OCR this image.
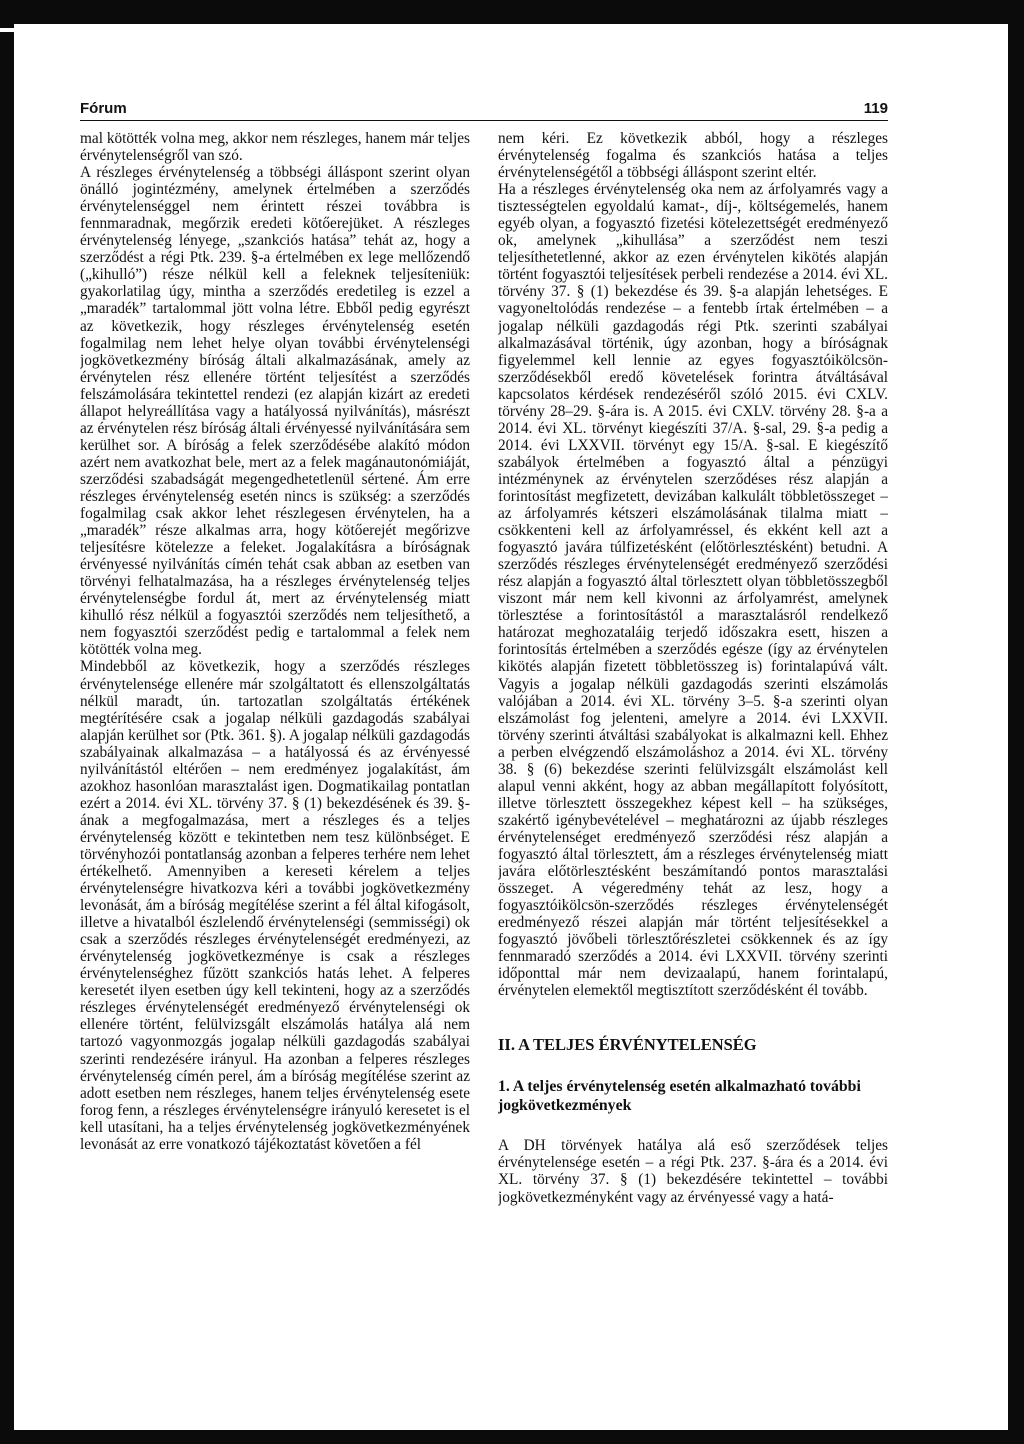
Fórum	119

mal kötötték volna meg, akkor nem részleges, hanem már teljes érvénytelenségről van szó.

A részleges érvénytelenség a többségi álláspont szerint olyan önálló jogintézmény, amelynek értelmében a szerződés érvénytelenséggel nem érintett részei továbbra is fennmaradnak, megőrzik eredeti kötőerejüket. A részleges érvénytelenség lényege, „szankciós hatása” tehát az, hogy a szerződést a régi Ptk. 239. §-a értelmében ex lege mellőzendő („kihulló”) része nélkül kell a feleknek teljesíteniük: gyakorlatilag úgy, mintha a szerződés eredetileg is ezzel a „maradék” tartalommal jött volna létre. Ebből pedig egyrészt az következik, hogy részleges érvénytelenség esetén fogalmilag nem lehet helye olyan további érvénytelenségi jogkövetkezmény bíróság általi alkalmazásának, amely az érvénytelen rész ellenére történt teljesítést a szerződés felszámolására tekintettel rendezi (ez alapján kizárt az eredeti állapot helyreállítása vagy a hatályossá nyilvánítás), másrészt az érvénytelen rész bíróság általi érvényessé nyilvánítására sem kerülhet sor. A bíróság a felek szerződésébe alakító módon azért nem avatkozhat bele, mert az a felek magánautonómiáját, szerződési szabadságát megengedhetetlenül sértené. Ám erre részleges érvénytelenség esetén nincs is szükség: a szerződés fogalmilag csak akkor lehet részlegesen érvénytelen, ha a „maradék” része alkalmas arra, hogy kötőerejét megőrizve teljesítésre kötelezze a feleket. Jogalakításra a bíróságnak érvényessé nyilvánítás címén tehát csak abban az esetben van törvényi felhatalmazása, ha a részleges érvénytelenség teljes érvénytelenségbe fordul át, mert az érvénytelenség miatt kihulló rész nélkül a fogyasztói szerződés nem teljesíthető, a nem fogyasztói szerződést pedig e tartalommal a felek nem kötötték volna meg.

Mindebből az következik, hogy a szerződés részleges érvénytelensége ellenére már szolgáltatott és ellenszolgáltatás nélkül maradt, ún. tartozatlan szolgáltatás értékének megtérítésére csak a jogalap nélküli gazdagodás szabályai alapján kerülhet sor (Ptk. 361. §). A jogalap nélküli gazdagodás szabályainak alkalmazása – a hatályossá és az érvényessé nyilvánítástól eltérően – nem eredményez jogalakítást, ám azokhoz hasonlóan marasztalást igen. Dogmatikailag pontatlan ezért a 2014. évi XL. törvény 37. § (1) bekezdésének és 39. §-ának a megfogalmazása, mert a részleges és a teljes érvénytelenség között e tekintetben nem tesz különbséget. E törvényhozói pontatlanság azonban a felperes terhére nem lehet értékelhető. Amennyiben a kereseti kérelem a teljes érvénytelenségre hivatkozva kéri a további jogkövetkezmény levonását, ám a bíróság megítélése szerint a fél által kifogásolt, illetve a hivatalból észlelendő érvénytelenségi (semmisségi) ok csak a szerződés részleges érvénytelenségét eredményezi, az érvénytelenség jogkövetkezménye is csak a részleges érvénytelenséghez fűzött szankciós hatás lehet. A felperes keresetét ilyen esetben úgy kell tekinteni, hogy az a szerződés részleges érvénytelenségét eredményező érvénytelenségi ok ellenére történt, felülvizsgált elszámolás hatálya alá nem tartozó vagyonmozgás jogalap nélküli gazdagodás szabályai szerinti rendezésére irányul. Ha azonban a felperes részleges érvénytelenség címén perel, ám a bíróság megítélése szerint az adott esetben nem részleges, hanem teljes érvénytelenség esete forog fenn, a részleges érvénytelenségre irányuló keresetet is el kell utasítani, ha a teljes érvénytelenség jogkövetkezményének levonását az erre vonatkozó tájékoztatást követően a fél

nem kéri. Ez következik abból, hogy a részleges érvénytelenség fogalma és szankciós hatása a teljes érvénytelenségétől a többségi álláspont szerint eltér.

Ha a részleges érvénytelenség oka nem az árfolyamrés vagy a tisztességtelen egyoldalú kamat-, díj-, költségemelés, hanem egyéb olyan, a fogyasztó fizetési kötelezettségét eredményező ok, amelynek „kihullása” a szerződést nem teszi teljesíthetetlenné, akkor az ezen érvénytelen kikötés alapján történt fogyasztói teljesítések perbeli rendezése a 2014. évi XL. törvény 37. § (1) bekezdése és 39. §-a alapján lehetséges. E vagyoneltolódás rendezése – a fentebb írtak értelmében – a jogalap nélküli gazdagodás régi Ptk. szerinti szabályai alkalmazásával történik, úgy azonban, hogy a bíróságnak figyelemmel kell lennie az egyes fogyasztóikölcsön-szerződésekből eredő követelések forintra átváltásával kapcsolatos kérdések rendezéséről szóló 2015. évi CXLV. törvény 28–29. §-ára is. A 2015. évi CXLV. törvény 28. §-a a 2014. évi XL. törvényt kiegészíti 37/A. §-sal, 29. §-a pedig a 2014. évi LXXVII. törvényt egy 15/A. §-sal. E kiegészítő szabályok értelmében a fogyasztó által a pénzügyi intézménynek az érvénytelen szerződéses rész alapján a forintosítást megfizetett, devizában kalkulált többletösszeget – az árfolyamrés kétszeri elszámolásának tilalma miatt – csökkenteni kell az árfolyamréssel, és ekként kell azt a fogyasztó javára túlfizetésként (előtörlesztésként) betudni. A szerződés részleges érvénytelenségét eredményező szerződési rész alapján a fogyasztó által törlesztett olyan többletösszegből viszont már nem kell kivonni az árfolyamrést, amelynek törlesztése a forintosítástól a marasztalásról rendelkező határozat meghozataláig terjedő időszakra esett, hiszen a forintosítás értelmében a szerződés egésze (így az érvénytelen kikötés alapján fizetett többletösszeg is) forintalapúvá vált. Vagyis a jogalap nélküli gazdagodás szerinti elszámolás valójában a 2014. évi XL. törvény 3–5. §-a szerinti olyan elszámolást fog jelenteni, amelyre a 2014. évi LXXVII. törvény szerinti átváltási szabályokat is alkalmazni kell. Ehhez a perben elvégzendő elszámoláshoz a 2014. évi XL. törvény 38. § (6) bekezdése szerinti felülvizsgált elszámolást kell alapul venni akként, hogy az abban megállapított folyósított, illetve törlesztett összegekhez képest kell – ha szükséges, szakértő igénybevételével – meghatározni az újabb részleges érvénytelenséget eredményező szerződési rész alapján a fogyasztó által törlesztett, ám a részleges érvénytelenség miatt javára előtörlesztésként beszámítandó pontos marasztalási összeget. A végeredmény tehát az lesz, hogy a fogyasztóikölcsön-szerződés részleges érvénytelenségét eredményező részei alapján már történt teljesítésekkel a fogyasztó jövőbeli törlesztőrészletei csökkennek és az így fennmaradó szerződés a 2014. évi LXXVII. törvény szerinti időponttal már nem devizaalapú, hanem forintalapú, érvénytelen elemektől megtisztított szerződésként él tovább.

II. A TELJES ÉRVÉNYTELENSÉG
1. A teljes érvénytelenség esetén alkalmazható további jogkövetkezmények

A DH törvények hatálya alá eső szerződések teljes érvénytelensége esetén – a régi Ptk. 237. §-ára és a 2014. évi XL. törvény 37. § (1) bekezdésére tekintettel – további jogkövetkezményként vagy az érvényessé vagy a hatá-
